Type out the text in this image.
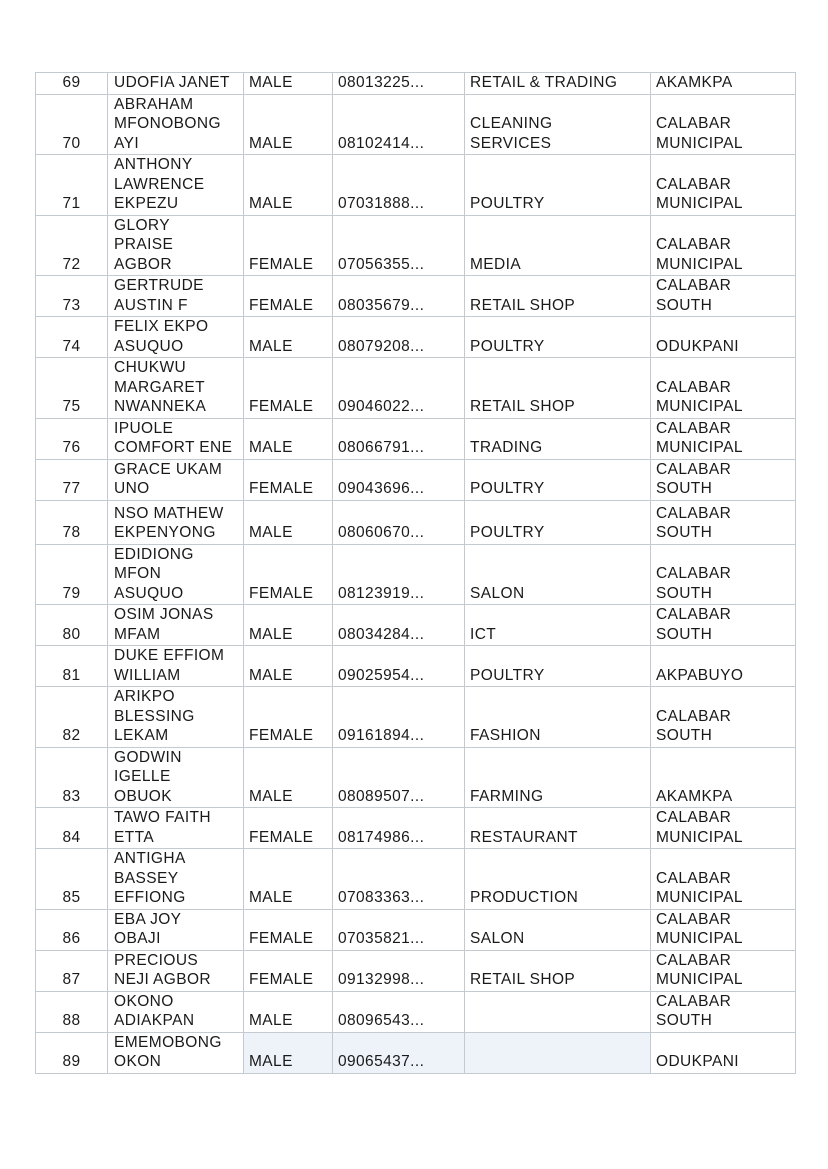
69	UDOFIA JANET	MALE	08013225...	RETAIL & TRADING	AKAMKPA
70	ABRAHAM
MFONOBONG
AYI	MALE	08102414...	CLEANING
SERVICES	CALABAR
MUNICIPAL
71	ANTHONY
LAWRENCE
EKPEZU	MALE	07031888...	POULTRY	CALABAR
MUNICIPAL
72	GLORY
PRAISE
AGBOR	FEMALE	07056355...	MEDIA	CALABAR
MUNICIPAL
73	GERTRUDE
AUSTIN F	FEMALE	08035679...	RETAIL SHOP	CALABAR
SOUTH
74	FELIX EKPO
ASUQUO	MALE	08079208...	POULTRY	ODUKPANI
75	CHUKWU
MARGARET
NWANNEKA	FEMALE	09046022...	RETAIL SHOP	CALABAR
MUNICIPAL
76	IPUOLE
COMFORT ENE	MALE	08066791...	TRADING	CALABAR
MUNICIPAL
77	GRACE UKAM
UNO	FEMALE	09043696...	POULTRY	CALABAR
SOUTH
78	NSO MATHEW
EKPENYONG	MALE	08060670...	POULTRY	CALABAR
SOUTH
79	EDIDIONG
MFON
ASUQUO	FEMALE	08123919...	SALON	CALABAR
SOUTH
80	OSIM JONAS
MFAM	MALE	08034284...	ICT	CALABAR
SOUTH
81	DUKE EFFIOM
WILLIAM	MALE	09025954...	POULTRY	AKPABUYO
82	ARIKPO
BLESSING
LEKAM	FEMALE	09161894...	FASHION	CALABAR
SOUTH
83	GODWIN
IGELLE
OBUOK	MALE	08089507...	FARMING	AKAMKPA
84	TAWO FAITH
ETTA	FEMALE	08174986...	RESTAURANT	CALABAR
MUNICIPAL
85	ANTIGHA
BASSEY
EFFIONG	MALE	07083363...	PRODUCTION	CALABAR
MUNICIPAL
86	EBA JOY
OBAJI	FEMALE	07035821...	SALON	CALABAR
MUNICIPAL
87	PRECIOUS
NEJI AGBOR	FEMALE	09132998...	RETAIL SHOP	CALABAR
MUNICIPAL
88	OKONO
ADIAKPAN	MALE	08096543...		CALABAR
SOUTH
89	EMEMOBONG
OKON	MALE	09065437...		ODUKPANI
